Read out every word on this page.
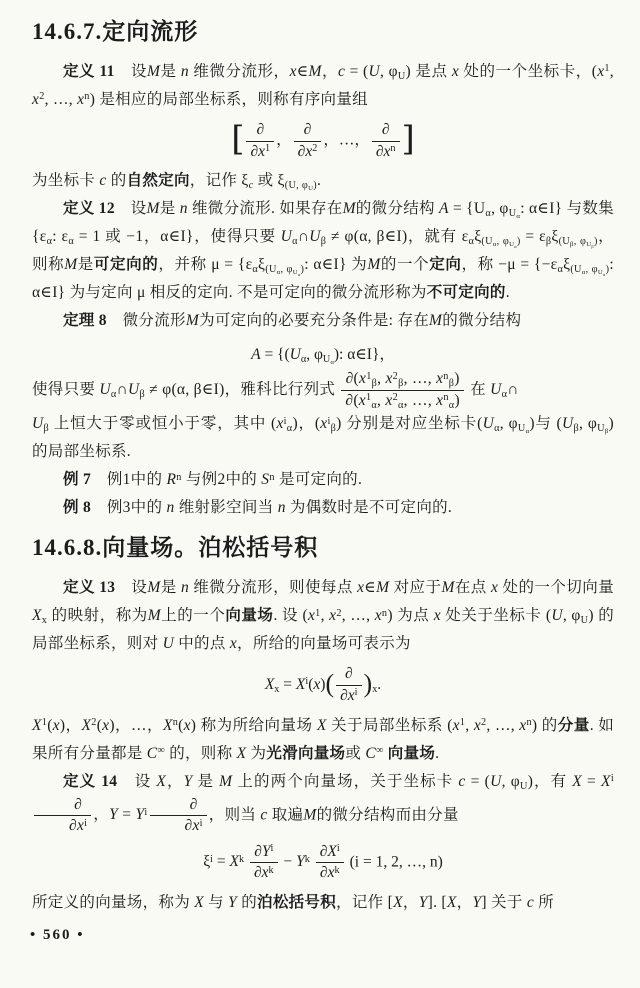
14.6.7.定向流形

定义 11　设M是 n 维微分流形，x∈M，c = (U, $\varphi_U$) 是点 x 处的一个坐标卡，($x^1$, $x^2$, …, $x^n$) 是相应的局部坐标系，则称有序向量组

[ $\frac{\partial}{\partial x^1}$ ， $\frac{\partial}{\partial x^2}$ ，…， $\frac{\partial}{\partial x^n}$ ]

为坐标卡 c 的自然定向，记作 $\xi_c$ 或 $\xi_{(U, \varphi_U)}$.

定义 12　设M是 n 维微分流形. 如果存在M的微分结构 $A = \{U_\alpha$, $\varphi_{U_\alpha}$: α∈I} 与数集 {$\varepsilon_\alpha$: $\varepsilon_\alpha = 1$ 或 −1，α∈I}，使得只要 $U_\alpha\cap U_\beta \ne \varphi(\alpha$, β∈I)，就有 $\varepsilon_\alpha\xi_{(U_\alpha, \varphi_{U_\alpha})} = \varepsilon_\beta\xi_{(U_\beta, \varphi_{U_\beta})}$，则称M是可定向的，并称 $\mu = \{\varepsilon_\alpha\xi_{(U_\alpha, \varphi_{U_\alpha})}$: α∈I} 为M的一个定向，称 $-\mu = \{-\varepsilon_\alpha\xi_{(U_\alpha, \varphi_{U_\alpha})}$: α∈I} 为与定向 μ 相反的定向. 不是可定向的微分流形称为不可定向的.

定理 8　微分流形M为可定向的必要充分条件是: 存在M的微分结构

$A = \{(U_\alpha$, $\varphi_{U_\alpha}$): α∈I}，

使得只要 $U_\alpha\cap U_\beta \ne \varphi(\alpha$, β∈I)，雅科比行列式 $\frac{\partial(x^1_\beta, x^2_\beta, \dots, x^n_\beta)}{\partial(x^1_\alpha, x^2_\alpha, \dots, x^n_\alpha)}$ 在 $U_\alpha\cap$

$U_\beta$ 上恒大于零或恒小于零，其中 $(x^i_\alpha)$，$(x^i_\beta)$ 分别是对应坐标卡($U_\alpha$, $\varphi_{U_\alpha}$)与 ($U_\beta$, $\varphi_{U_\beta}$) 的局部坐标系.

例 7　例1中的 $R^n$ 与例2中的 $S^n$ 是可定向的.

例 8　例3中的 n 维射影空间当 n 为偶数时是不可定向的.

14.6.8.向量场。泊松括号积

定义 13　设M是 n 维微分流形，则使每点 x∈M 对应于M在点 x 处的一个切向量 $X_x$ 的映射，称为M上的一个向量场. 设 ($x^1$, $x^2$, …, $x^n$) 为点 x 处关于坐标卡 (U, $\varphi_U$) 的局部坐标系，则对 U 中的点 x，所给的向量场可表示为

$X_x = X^i(x)( \frac{\partial}{\partial x^i} )_x$.

$X^1(x)$，$X^2(x)$，…，$X^n(x)$ 称为所给向量场 X 关于局部坐标系 ($x^1$, $x^2$, …, $x^n$) 的分量. 如果所有分量都是 C∞ 的，则称 X 为光滑向量场或 C∞ 向量场.

定义 14　设 X，Y 是 M 上的两个向量场，关于坐标卡 c = (U, $\varphi_U$)，有 $X = X^i$
$\frac{\partial}{\partial x^i}$ ，$Y = Y^i \frac{\partial}{\partial x^i}$ ，则当 c 取遍M的微分结构而由分量

$\xi^i = X^k \frac{\partial Y^i}{\partial x^k} - Y^k \frac{\partial X^i}{\partial x^k} (i = 1$, 2, …, n)

所定义的向量场，称为 X 与 Y 的泊松括号积，记作 [X，Y]. [X，Y] 关于 c 所

• 560 •
